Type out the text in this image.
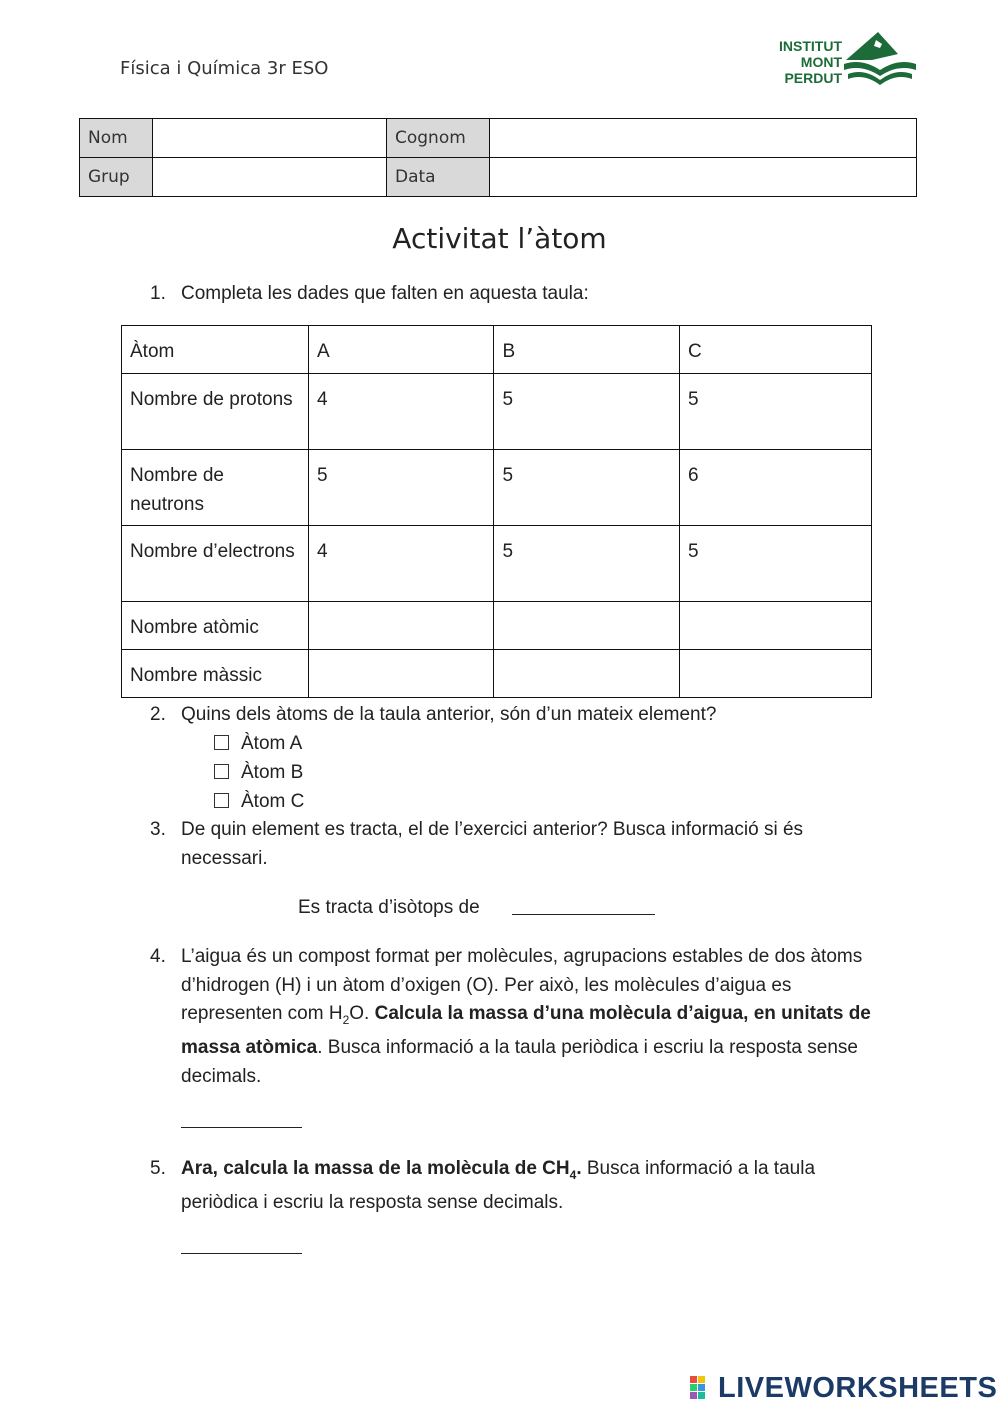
Física i Química 3r ESO
INSTITUT
MONT
PERDUT
Nom		Cognom	
Grup		Data	
Activitat l’àtom
1. Completa les dades que falten en aquesta taula:
Àtom	A	B	C
Nombre de protons	4	5	5
Nombre de neutrons	5	5	6
Nombre d’electrons	4	5	5
Nombre atòmic			
Nombre màssic			
2. Quins dels àtoms de la taula anterior, són d’un mateix element?
Àtom A
Àtom B
Àtom C
3. De quin element es tracta, el de l’exercici anterior? Busca informació si és necessari.
Es tracta d’isòtops de
4. L’aigua és un compost format per molècules, agrupacions estables de dos àtoms d’hidrogen (H) i un àtom d’oxigen (O). Per això, les molècules d’aigua es representen com $H_2O$. Calcula la massa d’una molècula d’aigua, en unitats de massa atòmica. Busca informació a la taula periòdica i escriu la resposta sense decimals.
5. Ara, calcula la massa de la molècula de $CH_4$. Busca informació a la taula periòdica i escriu la resposta sense decimals.
LIVEWORKSHEETS
